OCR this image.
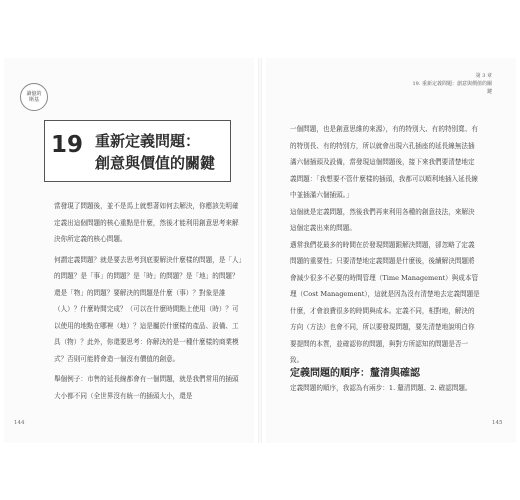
讀億的
斯基
19 重新定義問題：
創意與價值的關鍵

當發現了問題後，並不是馬上就想著如何去解決，你應該先明確定義出這個問題的核心重點是什麼，然後才能利用創意思考來解決你所定義的核心問題。

何謂定義問題？就是要去思考到底要解決什麼樣的問題，是「人」的問題？是「事」的問題？是「時」的問題？是「地」的問題？還是「物」的問題？要解決的問題是什麼（事）？對象是誰（人）？什麼時間完成？（可以在什麼時間點上使用（時）？可以使用的地點在哪裡（地）？這是屬於什麼樣的產品、設備、工具（物）？此外，你還要思考：你解決的是一種什麼樣的商業模式？否則可能將會造一個沒有價值的創意。

舉個例子：市售的延長線都會有一個問題，就是我們常用的插頭大小都不同（全世界沒有統一的插頭大小，還是

第 3 章
19. 重新定義問題：創意與價值的關鍵

一個問題，也是創意思維的來源），有的特別大、有的特別寬、有的特別長、有的特別方，所以就會出現六孔插座的延長線無法插滿六個插頭及設備，當發現這個問題後，接下來我們要清楚地定義問題：「我想要不管什麼樣的插頭，我都可以順利地插入延長線中並插滿六個插頭。」

這個就是定義問題，然後我們再來利用各種的創意技法，來解決這個定義出來的問題。

邁常我們花最多的時間在於發現問題跟解決問題，卻忽略了定義問題的重要性；只要清楚地定義問題是什麼後，後續解決問題將會減少很多不必要的時間管理（Time Management）與成本管理（Cost Management），這就是因為沒有清楚地去定義問題是什麼，才會浪費很多的時間與成本。定義不同，相對地，解決的方向（方法）也會不同，所以要發現問題，要先清楚地說明白你要提問的本質，並確認你的問題，與對方所認知的問題是否一致。

定義問題的順序：釐清與確認

定義問題的順序，我認為有兩步：1. 釐清問題、2. 確認問題。

144	145
